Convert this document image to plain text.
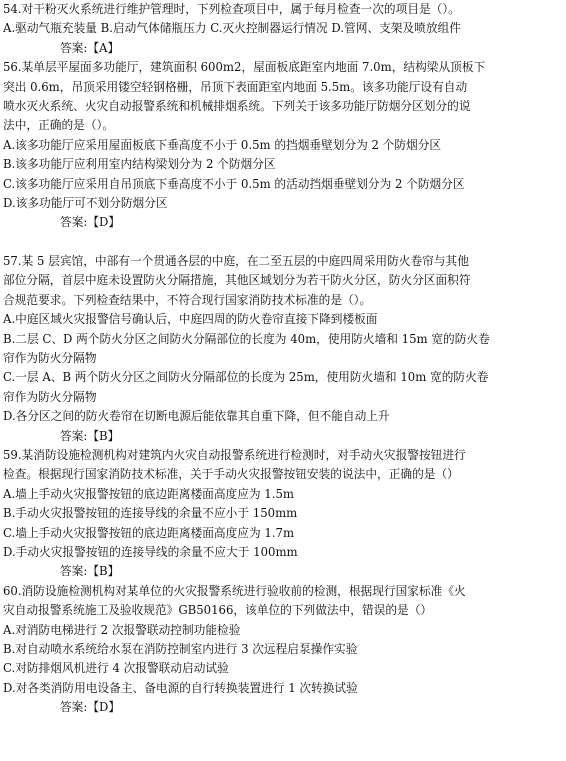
54.对干粉灭火系统进行维护管理时，下列检查项目中，属于每月检查一次的项目是（）。
A.驱动气瓶充装量 B.启动气体储瓶压力 C.灭火控制器运行情况 D.管网、支架及喷放组件
答案:【A】
56.某单层平屋面多功能厅，建筑面积 600m2，屋面板底距室内地面 7.0m，结构梁从顶板下
突出 0.6m，吊顶采用镂空轻钢格栅，吊顶下表面距室内地面 5.5m。该多功能厅设有自动
喷水灭火系统、火灾自动报警系统和机械排烟系统。下列关于该多功能厅防烟分区划分的说
法中，正确的是（）。
A.该多功能厅应采用屋面板底下垂高度不小于 0.5m 的挡烟垂壁划分为 2 个防烟分区
B.该多功能厅应利用室内结构梁划分为 2 个防烟分区
C.该多功能厅应采用自吊顶底下垂高度不小于 0.5m 的活动挡烟垂壁划分为 2 个防烟分区
D.该多功能厅可不划分防烟分区
答案:【D】
57.某 5 层宾馆，中部有一个贯通各层的中庭，在二至五层的中庭四周采用防火卷帘与其他
部位分隔，首层中庭未设置防火分隔措施，其他区域划分为若干防火分区，防火分区面积符
合规范要求。下列检查结果中，不符合现行国家消防技术标准的是（）。
A.中庭区域火灾报警信号确认后，中庭四周的防火卷帘直接下降到楼板面
B.二层 C、D 两个防火分区之间防火分隔部位的长度为 40m，使用防火墙和 15m 宽的防火卷
帘作为防火分隔物
C.一层 A、B 两个防火分区之间防火分隔部位的长度为 25m，使用防火墙和 10m 宽的防火卷
帘作为防火分隔物
D.各分区之间的防火卷帘在切断电源后能依靠其自重下降，但不能自动上升
答案:【B】
59.某消防设施检测机构对建筑内火灾自动报警系统进行检测时，对手动火灾报警按钮进行
检查。根据现行国家消防技术标准，关于手动火灾报警按钮安装的说法中，正确的是（）
A.墙上手动火灾报警按钮的底边距离楼面高度应为 1.5m
B.手动火灾报警按钮的连接导线的余量不应小于 150mm
C.墙上手动火灾报警按钮的底边距离楼面高度应为 1.7m
D.手动火灾报警按钮的连接导线的余量不应大于 100mm
答案:【B】
60.消防设施检测机构对某单位的火灾报警系统进行验收前的检测，根据现行国家标准《火
灾自动报警系统施工及验收规范》GB50166，该单位的下列做法中，错误的是（）
A.对消防电梯进行 2 次报警联动控制功能检验
B.对自动喷水系统给水泵在消防控制室内进行 3 次远程启泵操作实验
C.对防排烟风机进行 4 次报警联动启动试验
D.对各类消防用电设备主、备电源的自行转换装置进行 1 次转换试验
答案:【D】
